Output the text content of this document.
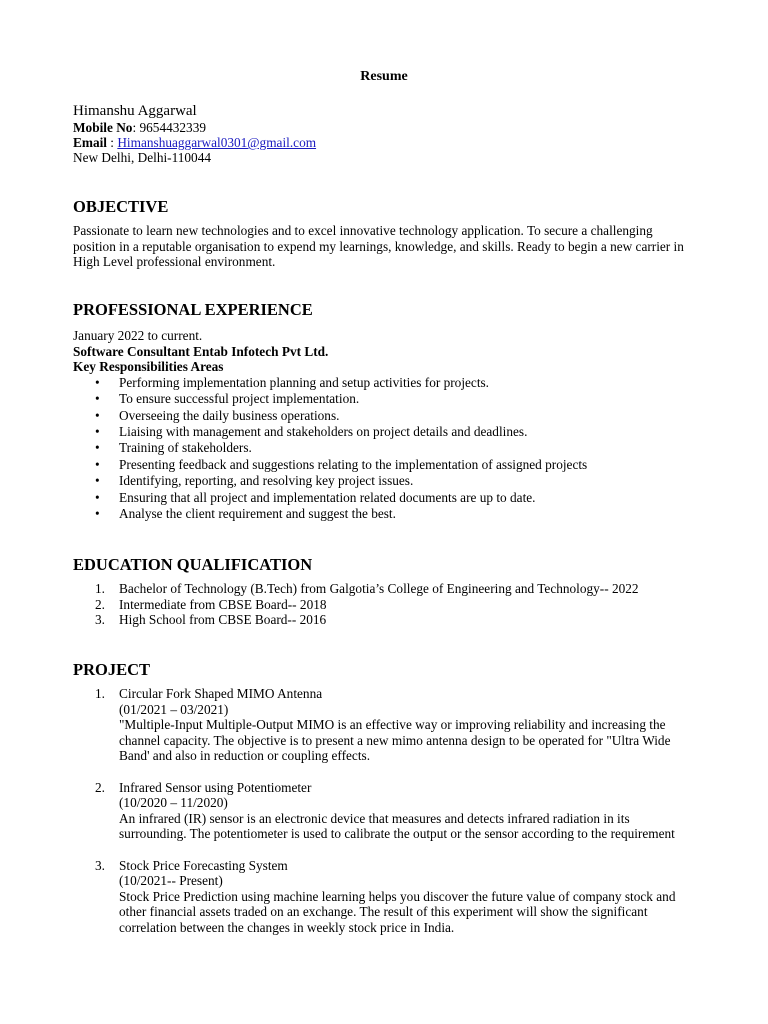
Resume
Himanshu Aggarwal
Mobile No: 9654432339
Email : Himanshuaggarwal0301@gmail.com
New Delhi, Delhi-110044
OBJECTIVE

Passionate to learn new technologies and to excel innovative technology application. To secure a challenging position in a reputable organisation to expend my learnings, knowledge, and skills. Ready to begin a new carrier in High Level professional environment.

PROFESSIONAL EXPERIENCE
January 2022 to current.
Software Consultant Entab Infotech Pvt Ltd.
Key Responsibilities Areas
• Performing implementation planning and setup activities for projects.
• To ensure successful project implementation.
• Overseeing the daily business operations.
• Liaising with management and stakeholders on project details and deadlines.
• Training of stakeholders.
• Presenting feedback and suggestions relating to the implementation of assigned projects
• Identifying, reporting, and resolving key project issues.
• Ensuring that all project and implementation related documents are up to date.
• Analyse the client requirement and suggest the best.
EDUCATION QUALIFICATION
1. Bachelor of Technology (B.Tech) from Galgotia’s College of Engineering and Technology-- 2022
2. Intermediate from CBSE Board-- 2018
3. High School from CBSE Board-- 2016
PROJECT
1. Circular Fork Shaped MIMO Antenna
(01/2021 – 03/2021)
"Multiple-Input Multiple-Output MIMO is an effective way or improving reliability and increasing the channel capacity. The objective is to present a new mimo antenna design to be operated for "Ultra Wide Band' and also in reduction or coupling effects.
2. Infrared Sensor using Potentiometer
(10/2020 – 11/2020)
An infrared (IR) sensor is an electronic device that measures and detects infrared radiation in its surrounding. The potentiometer is used to calibrate the output or the sensor according to the requirement
3. Stock Price Forecasting System
(10/2021-- Present)
Stock Price Prediction using machine learning helps you discover the future value of company stock and other financial assets traded on an exchange. The result of this experiment will show the significant correlation between the changes in weekly stock price in India.
